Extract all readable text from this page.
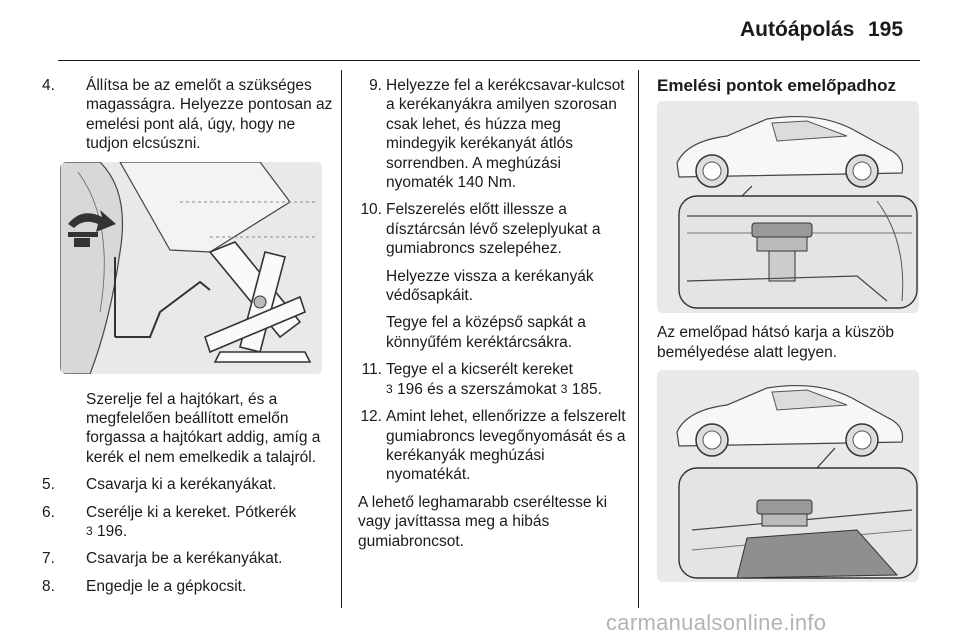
Autóápolás 195
4.	Állítsa be az emelőt a szükséges magasságra. Helyezze pontosan az emelési pont alá, úgy, hogy ne tudjon elcsúszni.

Szerelje fel a hajtókart, és a megfelelően beállított emelőn forgassa a hajtókart addig, amíg a kerék el nem emelkedik a talajról.

5.	Csavarja ki a kerékanyákat.
6.	Cserélje ki a kereket. Pótkerék
3 196.
7.	Csavarja be a kerékanyákat.
8.	Engedje le a gépkocsit.
9. Helyezze fel a kerékcsavar-kulcsot a kerékanyákra amilyen szorosan csak lehet, és húzza meg mindegyik kerékanyát átlós sorrendben. A meghúzási nyomaték 140 Nm.
10. Felszerelés előtt illessze a dísztárcsán lévő szeleplyukat a gumiabroncs szelepéhez.
Helyezze vissza a kerékanyák védősapkáit.
Tegye fel a középső sapkát a könnyűfém keréktárcsákra.
11. Tegye el a kicserélt kereket
3 196 és a szerszámokat 3 185.
12. Amint lehet, ellenőrizze a felszerelt gumiabroncs levegőnyomását és a kerékanyák meghúzási nyomatékát.

A lehető leghamarabb cseréltesse ki vagy javíttassa meg a hibás gumiabroncsot.

Emelési pontok emelőpadhoz

Az emelőpad hátsó karja a küszöb bemélyedése alatt legyen.

carmanualsonline.info
